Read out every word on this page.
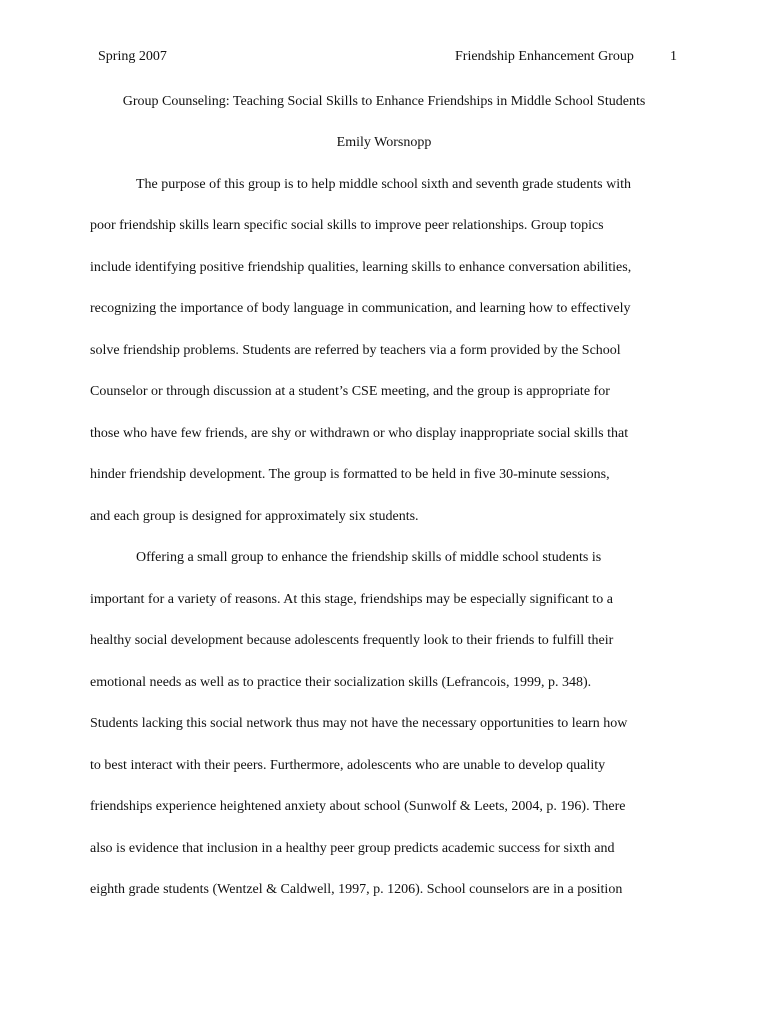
Spring 2007	Friendship Enhancement Group	1
Group Counseling: Teaching Social Skills to Enhance Friendships in Middle School Students
Emily Worsnopp
The purpose of this group is to help middle school sixth and seventh grade students with
poor friendship skills learn specific social skills to improve peer relationships. Group topics
include identifying positive friendship qualities, learning skills to enhance conversation abilities,
recognizing the importance of body language in communication, and learning how to effectively
solve friendship problems. Students are referred by teachers via a form provided by the School
Counselor or through discussion at a student’s CSE meeting, and the group is appropriate for
those who have few friends, are shy or withdrawn or who display inappropriate social skills that
hinder friendship development. The group is formatted to be held in five 30-minute sessions,
and each group is designed for approximately six students.
Offering a small group to enhance the friendship skills of middle school students is
important for a variety of reasons. At this stage, friendships may be especially significant to a
healthy social development because adolescents frequently look to their friends to fulfill their
emotional needs as well as to practice their socialization skills (Lefrancois, 1999, p. 348).
Students lacking this social network thus may not have the necessary opportunities to learn how
to best interact with their peers. Furthermore, adolescents who are unable to develop quality
friendships experience heightened anxiety about school (Sunwolf & Leets, 2004, p. 196). There
also is evidence that inclusion in a healthy peer group predicts academic success for sixth and
eighth grade students (Wentzel & Caldwell, 1997, p. 1206). School counselors are in a position
